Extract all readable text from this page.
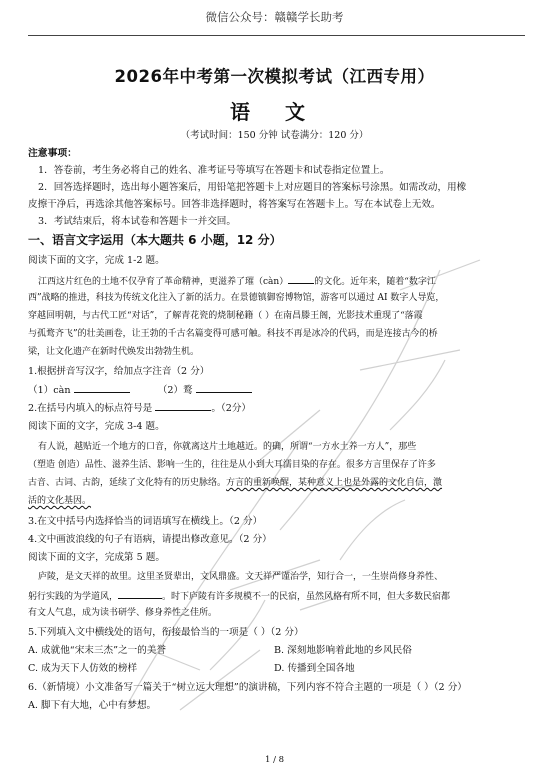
微信公众号：赣赣学长助考
2026年中考第一次模拟考试（江西专用）
语 文
（考试时间：150 分钟 试卷满分：120 分）
注意事项：
1．答卷前，考生务必将自己的姓名、准考证号等填写在答题卡和试卷指定位置上。
2．回答选择题时，选出每小题答案后，用铅笔把答题卡上对应题目的答案标号涂黑。如需改动，用橡
皮擦干净后，再选涂其他答案标号。回答非选择题时，将答案写在答题卡上。写在本试卷上无效。
3．考试结束后，将本试卷和答题卡一并交回。
一、语言文字运用（本大题共 6 小题，12 分）
阅读下面的文字，完成 1-2 题。
江西这片红色的土地不仅孕育了革命精神，更滋养了璀（càn）	的文化。近年来，随着“数字江
西”战略的推进，科技为传统文化注入了新的活力。在景德镇御窑博物馆，游客可以通过 AI 数字人导览，
穿越回明朝，与古代工匠“对话”，了解青花瓷的烧制秘籍（ ）在南昌滕王阁，光影技术重现了“落霞
与孤鹜齐飞”的壮美画卷，让王勃的千古名篇变得可感可触。科技不再是冰冷的代码，而是连接古今的桥
梁，让文化遗产在新时代焕发出勃勃生机。
1.根据拼音写汉字，给加点字注音（2 分）
（1）càn	（2）鹜
2.在括号内填入的标点符号是	。（2分）
阅读下面的文字，完成 3-4 题。
有人说，越贴近一个地方的口音，你就离这片土地越近。的确，所谓“一方水土养一方人”，那些
（塑造 创造）品性、滋养生活、影响一生的，往往是从小到大耳濡目染的存在。很多方言里保存了许多
古音、古词、古韵，延续了文化特有的历史脉络。方言的重新唤醒，某种意义上也是外露的文化自信，激
活的文化基因。
3.在文中括号内选择恰当的词语填写在横线上。（2 分）
4.文中画波浪线的句子有语病，请提出修改意见。（2 分）
阅读下面的文字，完成第 5 题。
庐陵，是文天祥的故里。这里圣贤辈出，文风鼎盛。文天祥严谨治学，知行合一，一生崇尚修身养性、
躬行实践的为学道风，	。时下庐陵有许多规模不一的民宿，虽然风格有所不同，但大多数民宿都
有文人气息，成为读书研学、修身养性之佳所。
5.下列填入文中横线处的语句，衔接最恰当的一项是（ ）（2 分）
A. 成就他“宋末三杰”之一的美誉	B. 深刻地影响着此地的乡风民俗
C. 成为天下人仿效的榜样	D. 传播到全国各地
6.（新情境）小文准备写一篇关于“树立远大理想”的演讲稿，下列内容不符合主题的一项是（ ）（2 分）
A. 脚下有大地，心中有梦想。
1 / 8
